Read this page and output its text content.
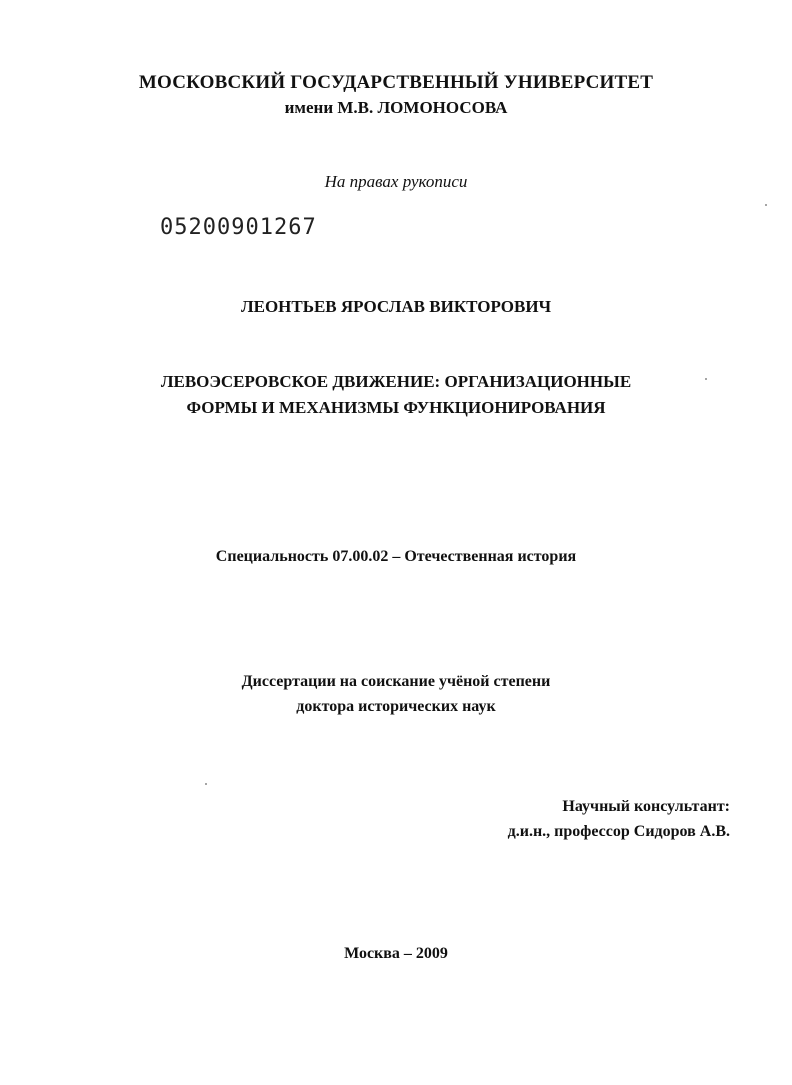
МОСКОВСКИЙ ГОСУДАРСТВЕННЫЙ УНИВЕРСИТЕТ
имени М.В. ЛОМОНОСОВА
На правах рукописи
05200901267
ЛЕОНТЬЕВ ЯРОСЛАВ ВИКТОРОВИЧ
ЛЕВОЭСЕРОВСКОЕ ДВИЖЕНИЕ: ОРГАНИЗАЦИОННЫЕ
ФОРМЫ И МЕХАНИЗМЫ ФУНКЦИОНИРОВАНИЯ
Специальность 07.00.02 – Отечественная история
Диссертации на соискание учёной степени
доктора исторических наук
Научный консультант:
д.и.н., профессор Сидоров А.В.
Москва – 2009
